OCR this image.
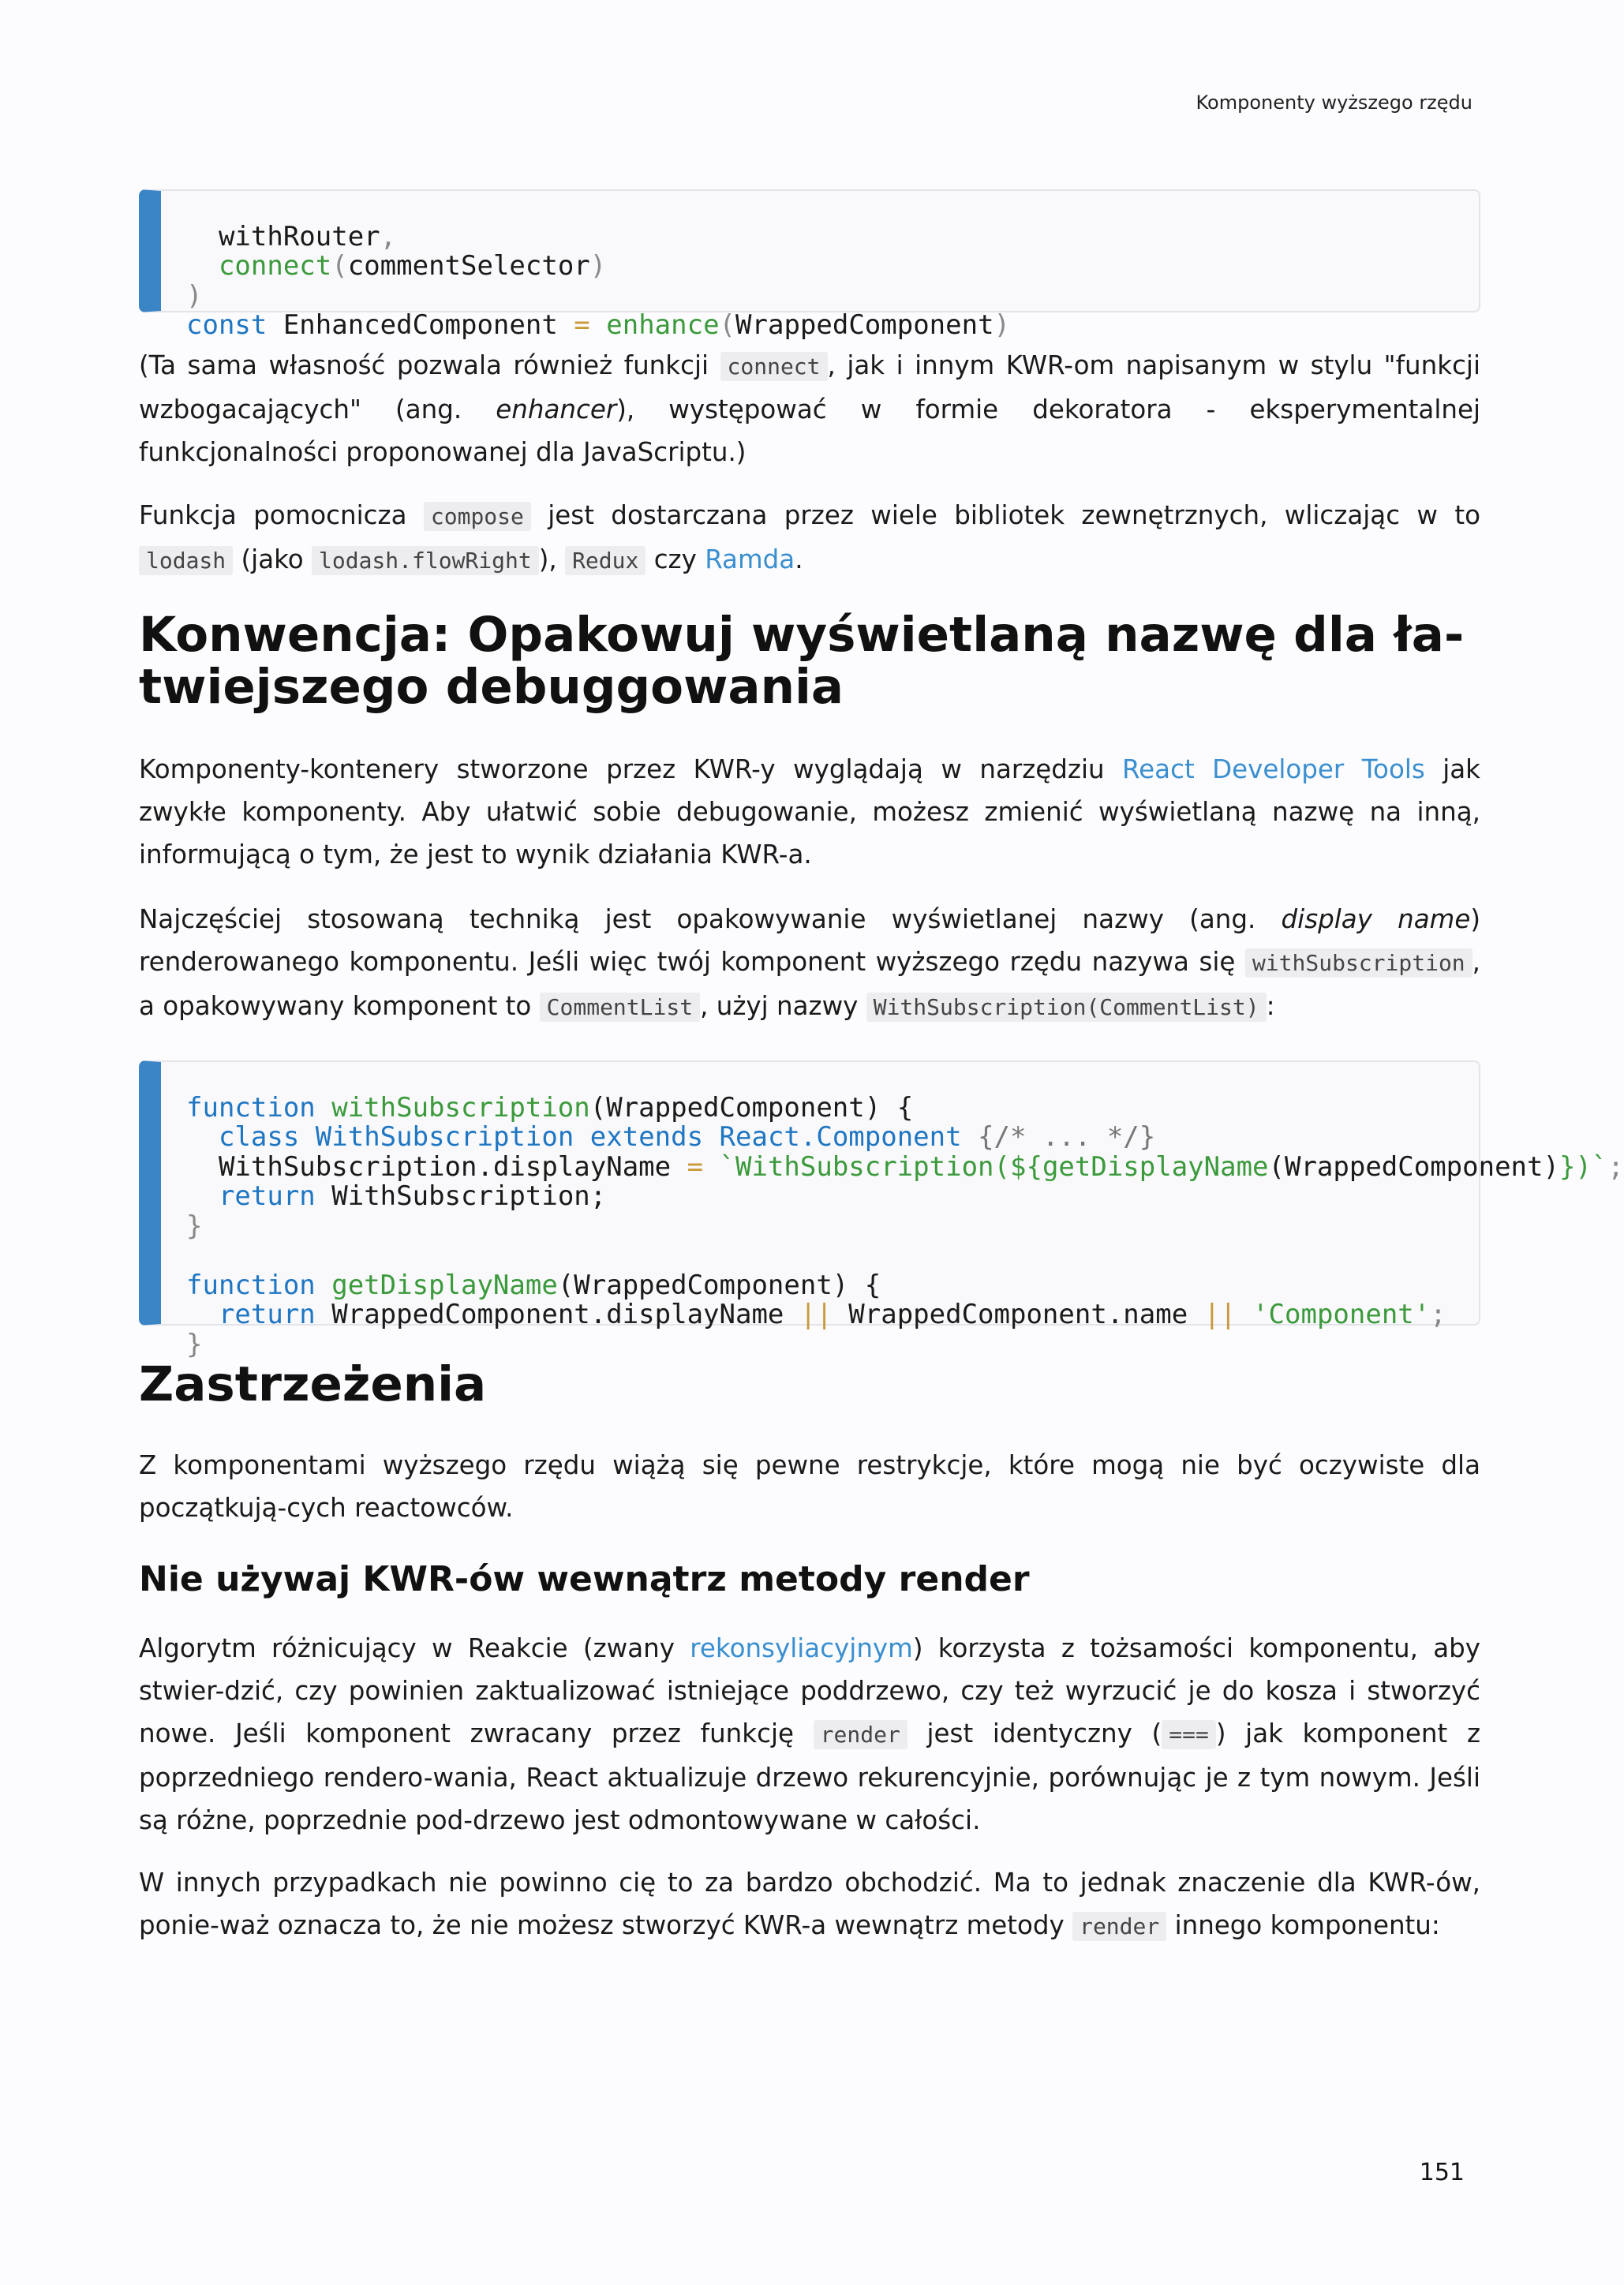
Komponenty wyższego rzędu

withRouter,
connect(commentSelector)
)
const EnhancedComponent = enhance(WrappedComponent)

(Ta sama własność pozwala również funkcji connect , jak i innym KWR-om napisanym w stylu "funkcji wzbogacających" (ang. enhancer), występować w formie dekoratora - eksperymentalnej funkcjonalności proponowanej dla JavaScriptu.)

Funkcja pomocnicza compose jest dostarczana przez wiele bibliotek zewnętrznych, wliczając w to lodash (jako lodash.flowRight ), Redux czy Ramda.

Konwencja: Opakowuj wyświetlaną nazwę dla ła-
twiejszego debuggowania

Komponenty-kontenery stworzone przez KWR-y wyglądają w narzędziu React Developer Tools jak zwykłe komponenty. Aby ułatwić sobie debugowanie, możesz zmienić wyświetlaną nazwę na inną, informującą o tym, że jest to wynik działania KWR-a.

Najczęściej stosowaną techniką jest opakowywanie wyświetlanej nazwy (ang. display name) renderowanego komponentu. Jeśli więc twój komponent wyższego rzędu nazywa się withSubscription , a opakowywany komponent to CommentList , użyj nazwy WithSubscription(CommentList) :

function withSubscription(WrappedComponent) {
class WithSubscription extends React.Component {/* ... */}
WithSubscription.displayName = `WithSubscription(${getDisplayName(WrappedComponent)})`;
return WithSubscription;
}

function getDisplayName(WrappedComponent) {
return WrappedComponent.displayName || WrappedComponent.name || 'Component';
}

Zastrzeżenia

Z komponentami wyższego rzędu wiążą się pewne restrykcje, które mogą nie być oczywiste dla początkują-cych reactowców.

Nie używaj KWR-ów wewnątrz metody render

Algorytm różnicujący w Reakcie (zwany rekonsyliacyjnym) korzysta z tożsamości komponentu, aby stwier-dzić, czy powinien zaktualizować istniejące poddrzewo, czy też wyrzucić je do kosza i stworzyć nowe. Jeśli komponent zwracany przez funkcję render jest identyczny ( === ) jak komponent z poprzedniego rendero-wania, React aktualizuje drzewo rekurencyjnie, porównując je z tym nowym. Jeśli są różne, poprzednie pod-drzewo jest odmontowywane w całości.

W innych przypadkach nie powinno cię to za bardzo obchodzić. Ma to jednak znaczenie dla KWR-ów, ponie-waż oznacza to, że nie możesz stworzyć KWR-a wewnątrz metody render innego komponentu:

151
